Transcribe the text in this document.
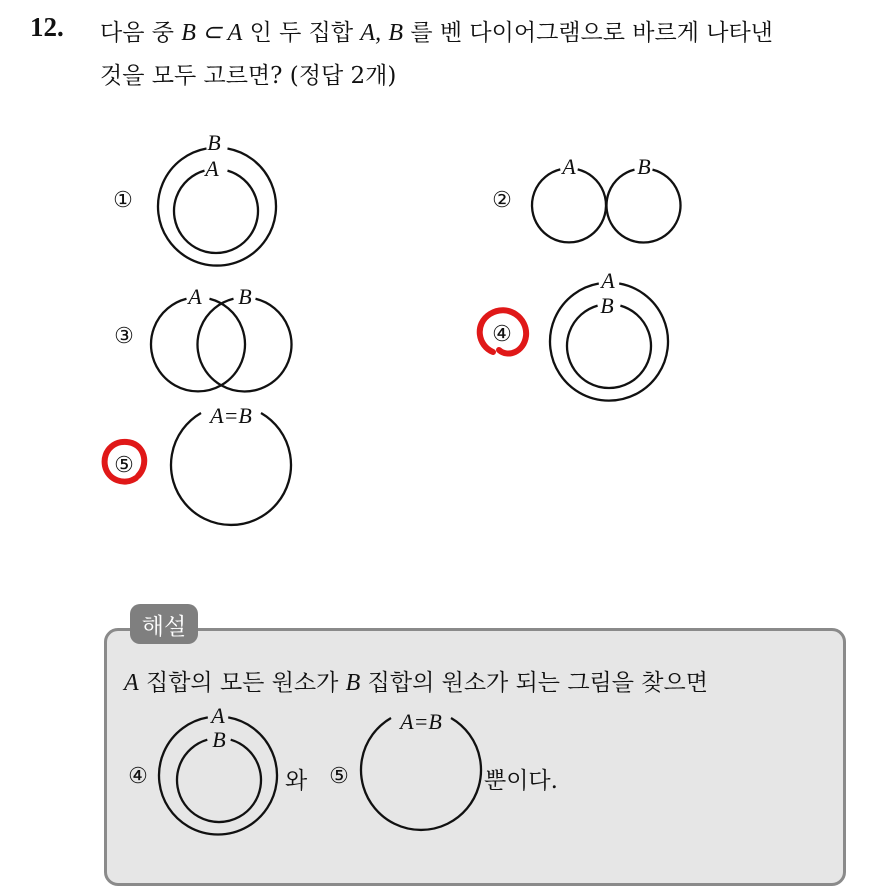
12. 다음 중 B ⊂ A 인 두 집합 A, B 를 벤 다이어그램으로 바르게 나타낸
것을 모두 고르면? (정답 2개)
①
B
A
②
A	B
③
A B
④
A
B
⑤
A=B
해설
A 집합의 모든 원소가 B 집합의 원소가 되는 그림을 찾으면
④
A
B
⑤
A=B
와	뿐이다.
